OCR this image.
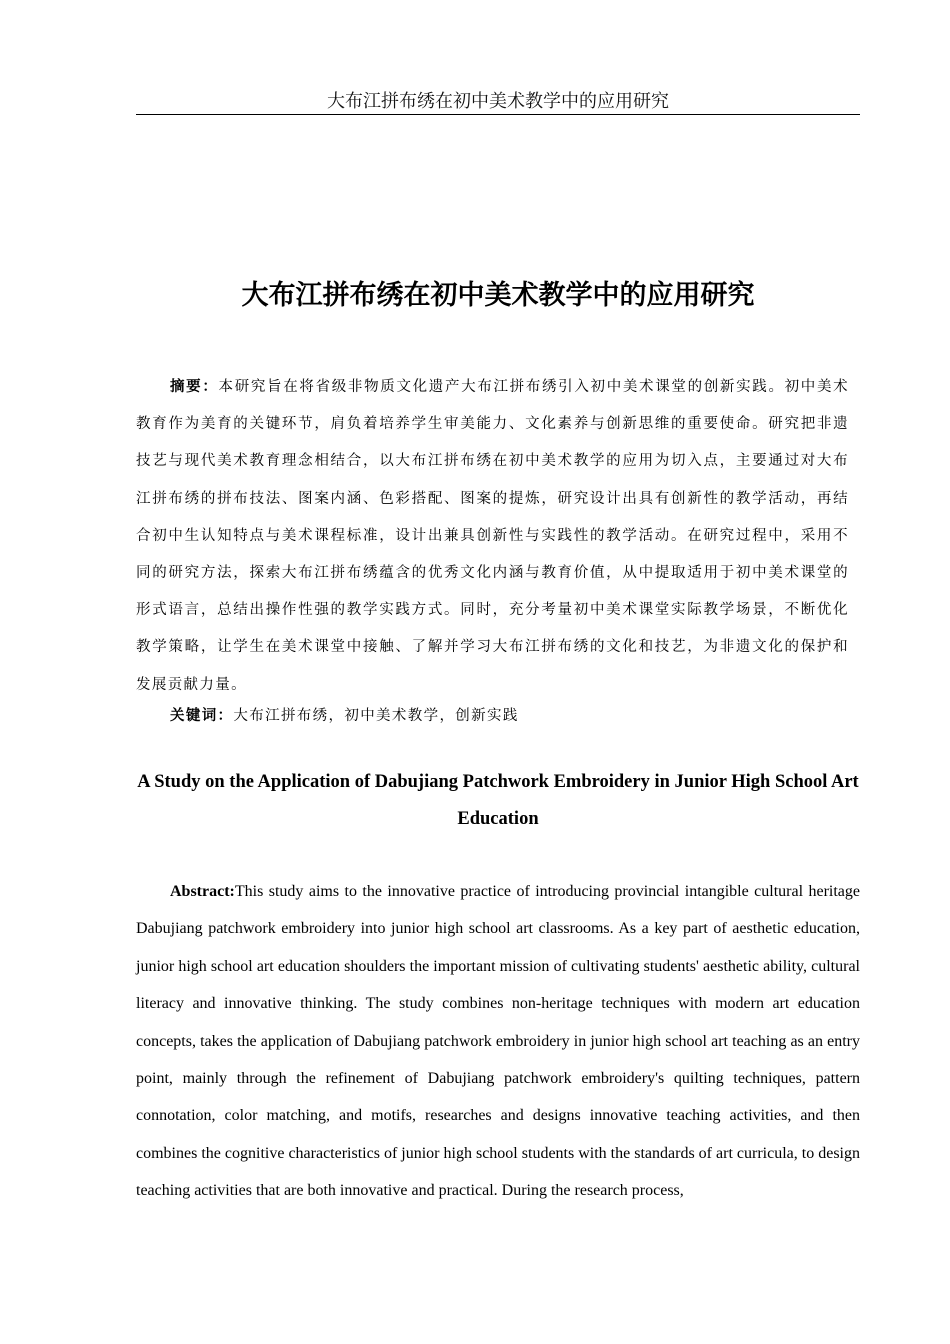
大布江拼布绣在初中美术教学中的应用研究
大布江拼布绣在初中美术教学中的应用研究
摘要：本研究旨在将省级非物质文化遗产大布江拼布绣引入初中美术课堂的创新实践。初中美术教育作为美育的关键环节，肩负着培养学生审美能力、文化素养与创新思维的重要使命。研究把非遗技艺与现代美术教育理念相结合，以大布江拼布绣在初中美术教学的应用为切入点，主要通过对大布江拼布绣的拼布技法、图案内涵、色彩搭配、图案的提炼，研究设计出具有创新性的教学活动，再结合初中生认知特点与美术课程标准，设计出兼具创新性与实践性的教学活动。在研究过程中，采用不同的研究方法，探索大布江拼布绣蕴含的优秀文化内涵与教育价值，从中提取适用于初中美术课堂的形式语言，总结出操作性强的教学实践方式。同时，充分考量初中美术课堂实际教学场景，不断优化教学策略，让学生在美术课堂中接触、了解并学习大布江拼布绣的文化和技艺，为非遗文化的保护和发展贡献力量。
关键词：大布江拼布绣，初中美术教学，创新实践
A Study on the Application of Dabujiang Patchwork Embroidery in Junior High School Art Education
Abstract:This study aims to the innovative practice of introducing provincial intangible cultural heritage Dabujiang patchwork embroidery into junior high school art classrooms. As a key part of aesthetic education, junior high school art education shoulders the important mission of cultivating students' aesthetic ability, cultural literacy and innovative thinking. The study combines non-heritage techniques with modern art education concepts, takes the application of Dabujiang patchwork embroidery in junior high school art teaching as an entry point, mainly through the refinement of Dabujiang patchwork embroidery's quilting techniques, pattern connotation, color matching, and motifs, researches and designs innovative teaching activities, and then combines the cognitive characteristics of junior high school students with the standards of art curricula, to design teaching activities that are both innovative and practical. During the research process,
